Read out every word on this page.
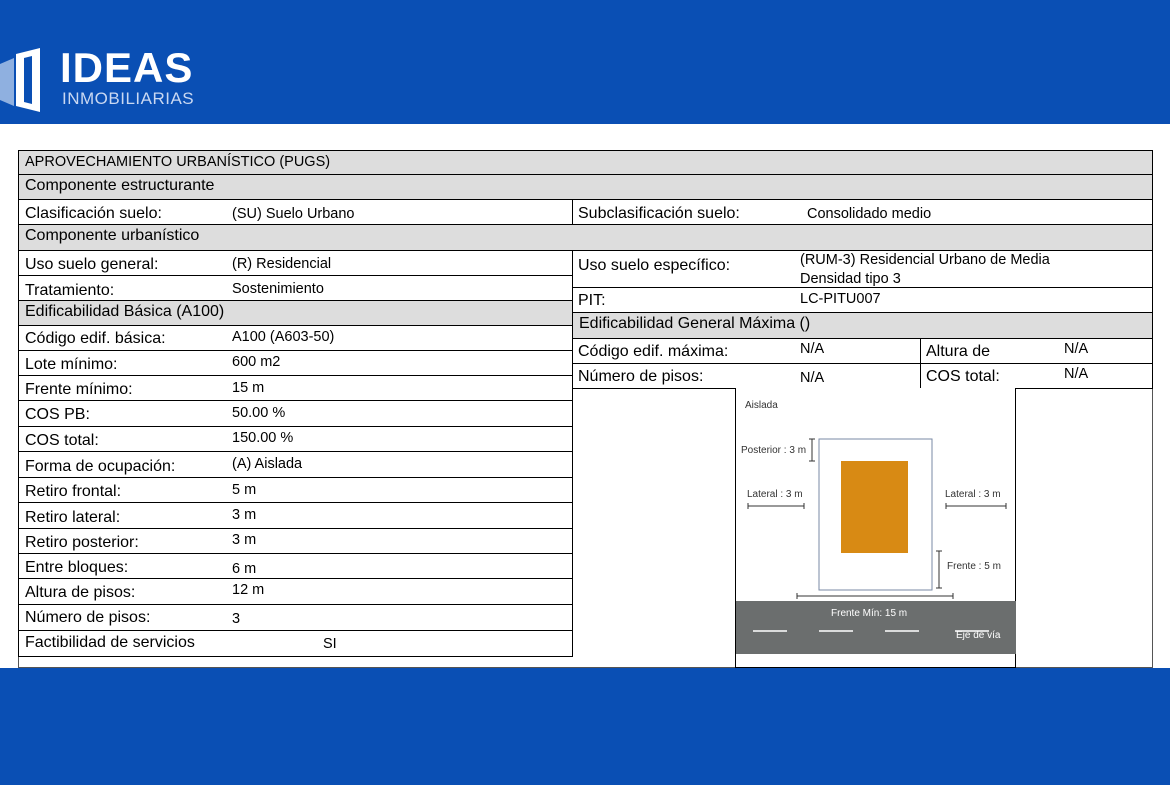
IDEAS
INMOBILIARIAS
APROVECHAMIENTO URBANÍSTICO (PUGS)
Componente estructurante
Clasificación suelo:	(SU) Suelo Urbano	Subclasificación suelo:	Consolidado medio
Componente urbanístico
Uso suelo general:	(R) Residencial	Uso suelo específico:	(RUM-3) Residencial Urbano de Media
Densidad tipo 3
Tratamiento:	Sostenimiento
PIT:	LC-PITU007
Edificabilidad Básica (A100)
Edificabilidad General Máxima ()
Código edif. máxima:	N/A	Altura de	N/A
Número de pisos:	N/A	COS total:	N/A
Código edif. básica:	A100 (A603-50)
Lote mínimo:	600 m2
Frente mínimo:	15 m
COS PB:	50.00 %
COS total:	150.00 %
Forma de ocupación:	(A) Aislada
Retiro frontal:	5 m
Retiro lateral:	3 m
Retiro posterior:	3 m
Entre bloques:	6 m
Altura de pisos:	12 m
Número de pisos:	3
Factibilidad de servicios	SI
Aislada
Posterior : 3 m
Lateral : 3 m	Lateral : 3 m
Frente : 5 m
Frente Mín: 15 m
Eje de vía
